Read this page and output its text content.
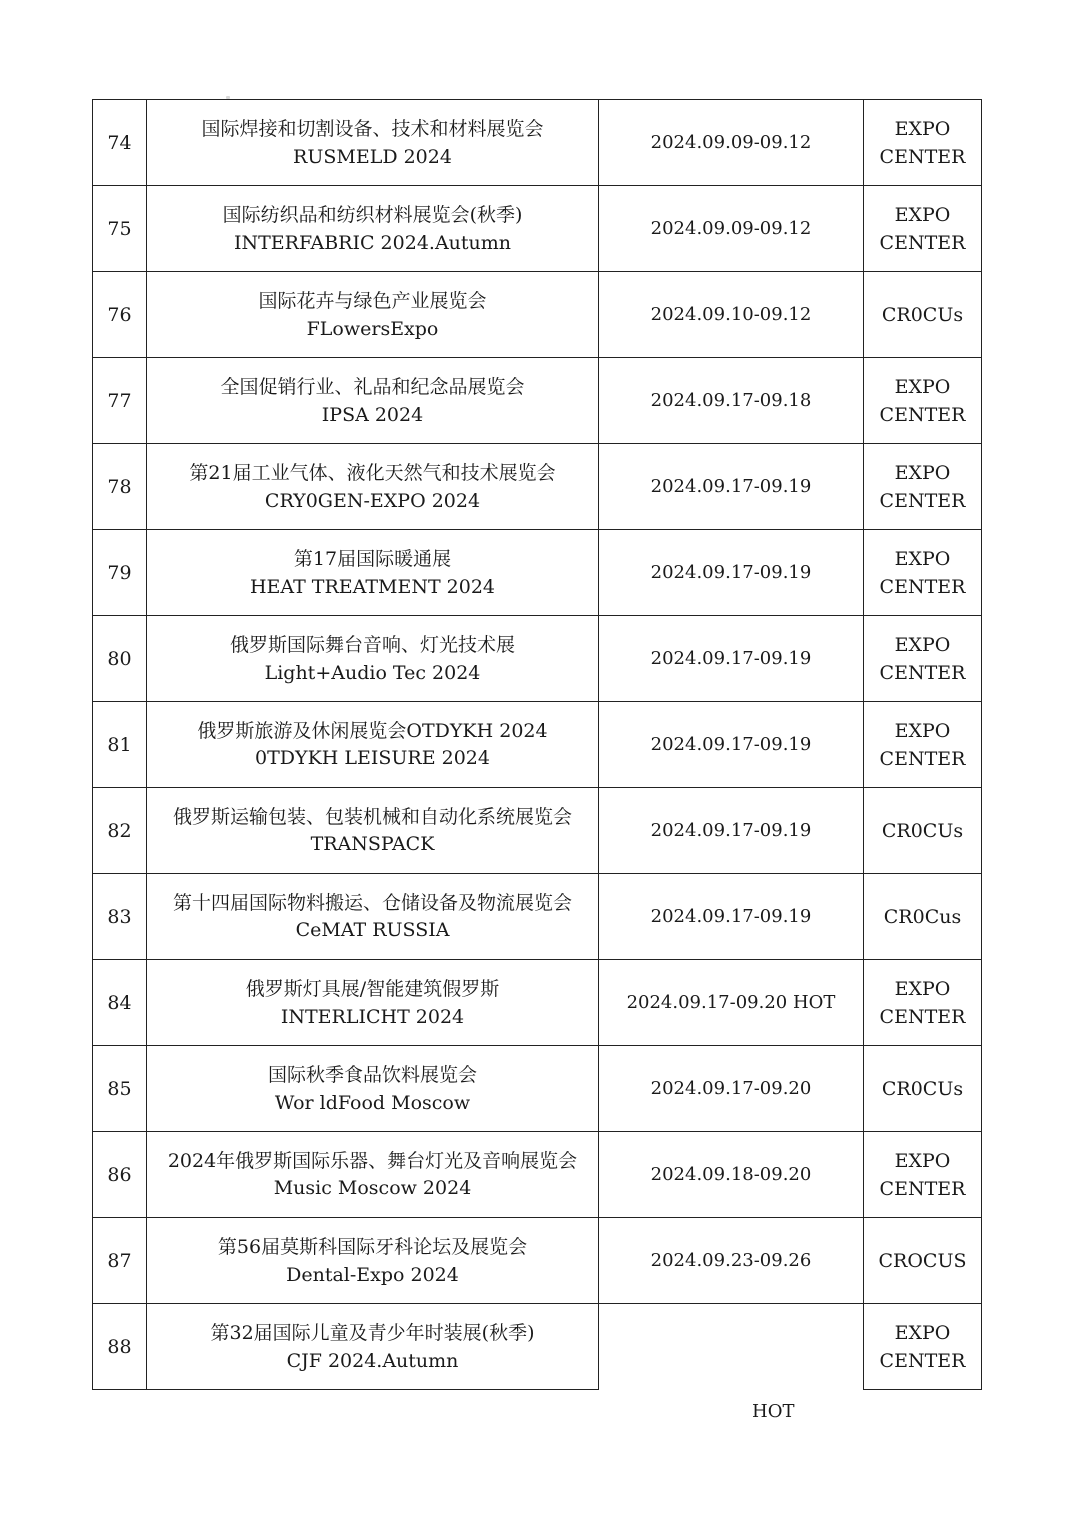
74	国际焊接和切割设备、技术和材料展览会
RUSMELD 2024	2024.09.09-09.12	EXPO
CENTER

75	国际纺织品和纺织材料展览会(秋季)
INTERFABRIC 2024.Autumn	2024.09.09-09.12	EXPO
CENTER

76	国际花卉与绿色产业展览会
FLowersExpo	2024.09.10-09.12	CR0CUs

77	全国促销行业、礼品和纪念品展览会
IPSA 2024	2024.09.17-09.18	EXPO
CENTER

78	第21届工业气体、液化天然气和技术展览会
CRY0GEN-EXPO 2024	2024.09.17-09.19	EXPO
CENTER

79	第17届国际暖通展
HEAT TREATMENT 2024	2024.09.17-09.19	EXPO
CENTER

80	俄罗斯国际舞台音响、灯光技术展
Light+Audio Tec 2024	2024.09.17-09.19	EXPO
CENTER

81	俄罗斯旅游及休闲展览会OTDYKH 2024
0TDYKH LEISURE 2024	2024.09.17-09.19	EXPO
CENTER

82	俄罗斯运输包装、包装机械和自动化系统展览会
TRANSPACK	2024.09.17-09.19	CR0CUs

83	第十四届国际物料搬运、仓储设备及物流展览会
CeMAT RUSSIA	2024.09.17-09.19	CR0Cus

84	俄罗斯灯具展/智能建筑假罗斯
INTERLICHT 2024	2024.09.17-09.20 HOT	EXPO
CENTER

85	国际秋季食品饮料展览会
Wor ldFood Moscow	2024.09.17-09.20	CR0CUs

86	2024年俄罗斯国际乐器、舞台灯光及音响展览会
Music Moscow 2024	2024.09.18-09.20	EXPO
CENTER

87	第56届莫斯科国际牙科论坛及展览会
Dental-Expo 2024	2024.09.23-09.26	CROCUS

88	第32届国际儿童及青少年时装展(秋季)
CJF 2024.Autumn		EXPO
CENTER
HOT
